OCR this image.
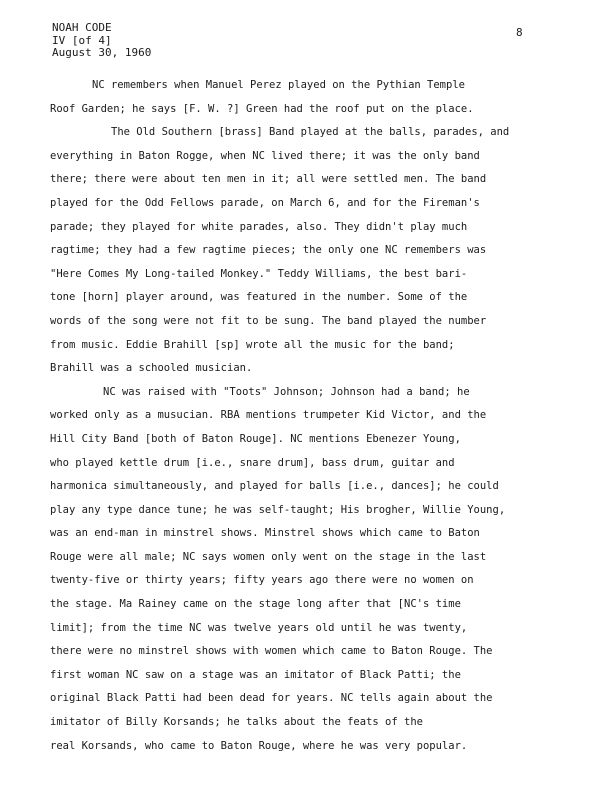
NOAH CODE
IV [of 4]
August 30, 1960
8
NC remembers when Manuel Perez played on the Pythian Temple
Roof Garden; he says [F. W. ?] Green had the roof put on the place.
The Old Southern [brass] Band played at the balls, parades, and
everything in Baton Rogge, when NC lived there; it was the only band
there; there were about ten men in it; all were settled men. The band
played for the Odd Fellows parade, on March 6, and for the Fireman's
parade; they played for white parades, also. They didn't play much
ragtime; they had a few ragtime pieces; the only one NC remembers was
"Here Comes My Long-tailed Monkey." Teddy Williams, the best bari-
tone [horn] player around, was featured in the number. Some of the
words of the song were not fit to be sung. The band played the number
from music. Eddie Brahill [sp] wrote all the music for the band;
Brahill was a schooled musician.
NC was raised with "Toots" Johnson; Johnson had a band; he
worked only as a musucian. RBA mentions trumpeter Kid Victor, and the
Hill City Band [both of Baton Rouge]. NC mentions Ebenezer Young,
who played kettle drum [i.e., snare drum], bass drum, guitar and
harmonica simultaneously, and played for balls [i.e., dances]; he could
play any type dance tune; he was self-taught; His brogher, Willie Young,
was an end-man in minstrel shows. Minstrel shows which came to Baton
Rouge were all male; NC says women only went on the stage in the last
twenty-five or thirty years; fifty years ago there were no women on
the stage. Ma Rainey came on the stage long after that [NC's time
limit]; from the time NC was twelve years old until he was twenty,
there were no minstrel shows with women which came to Baton Rouge. The
first woman NC saw on a stage was an imitator of Black Patti; the
original Black Patti had been dead for years. NC tells again about the
imitator of Billy Korsands; he talks about the feats of the
real Korsands, who came to Baton Rouge, where he was very popular.
